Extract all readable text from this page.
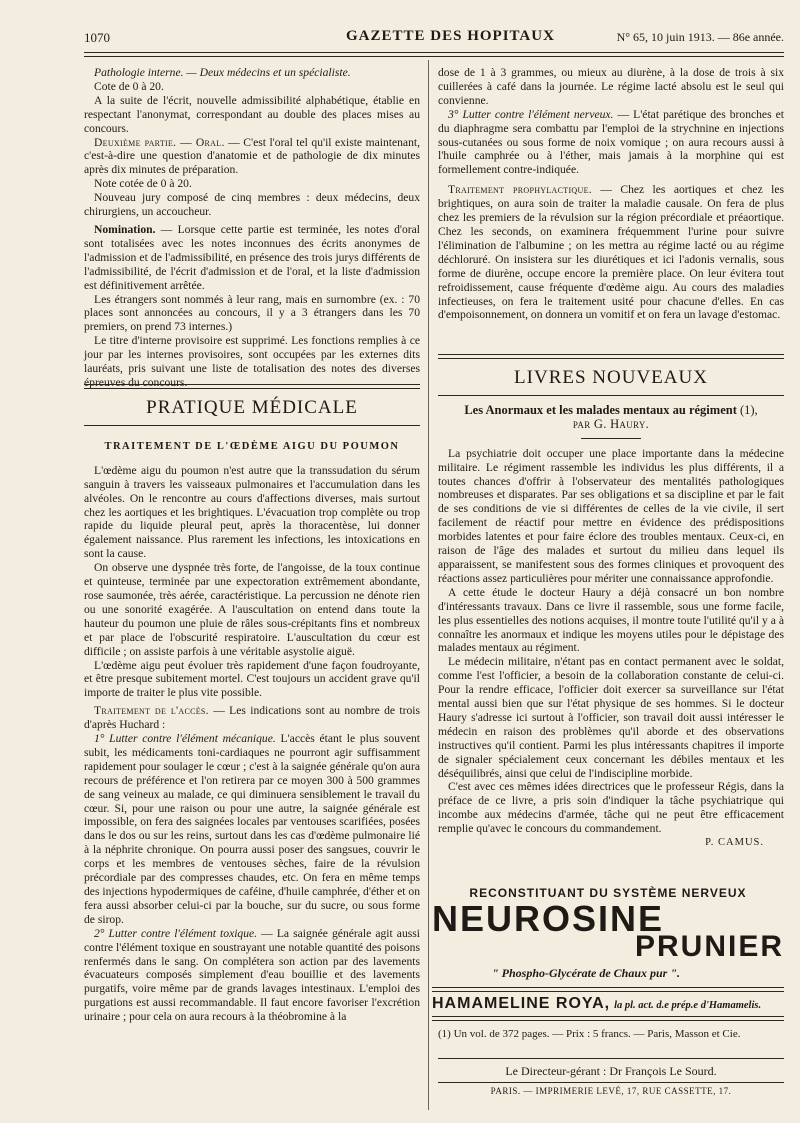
1070	GAZETTE DES HOPITAUX	N° 65, 10 juin 1913. — 86e année.

Pathologie interne. — Deux médecins et un spécialiste.

Cote de 0 à 20.

A la suite de l'écrit, nouvelle admissibilité alphabétique, établie en respectant l'anonymat, correspondant au double des places mises au concours.

Deuxième partie. — Oral. — C'est l'oral tel qu'il existe maintenant, c'est-à-dire une question d'anatomie et de pathologie de dix minutes après dix minutes de préparation.

Note cotée de 0 à 20.

Nouveau jury composé de cinq membres : deux médecins, deux chirurgiens, un accoucheur.

Nomination. — Lorsque cette partie est terminée, les notes d'oral sont totalisées avec les notes inconnues des écrits anonymes de l'admission et de l'admissibilité, en présence des trois jurys différents de l'admissibilité, de l'écrit d'admission et de l'oral, et la liste d'admission est définitivement arrêtée.

Les étrangers sont nommés à leur rang, mais en surnombre (ex. : 70 places sont annoncées au concours, il y a 3 étrangers dans les 70 premiers, on prend 73 internes.)

Le titre d'interne provisoire est supprimé. Les fonctions remplies à ce jour par les internes provisoires, sont occupées par les externes dits lauréats, pris suivant une liste de totalisation des notes des diverses épreuves du concours.

PRATIQUE MÉDICALE

TRAITEMENT DE L'ŒDÈME AIGU DU POUMON

L'œdème aigu du poumon n'est autre que la transsudation du sérum sanguin à travers les vaisseaux pulmonaires et l'accumulation dans les alvéoles. On le rencontre au cours d'affections diverses, mais surtout chez les aortiques et les brightiques. L'évacuation trop complète ou trop rapide du liquide pleural peut, après la thoracentèse, lui donner également naissance. Plus rarement les infections, les intoxications en sont la cause.

On observe une dyspnée très forte, de l'angoisse, de la toux continue et quinteuse, terminée par une expectoration extrêmement abondante, rose saumonée, très aérée, caractéristique. La percussion ne dénote rien ou une sonorité exagérée. A l'auscultation on entend dans toute la hauteur du poumon une pluie de râles sous-crépitants fins et nombreux et par place de l'obscurité respiratoire. L'auscultation du cœur est difficile ; on assiste parfois à une véritable asystolie aiguë.

L'œdème aigu peut évoluer très rapidement d'une façon foudroyante, et être presque subitement mortel. C'est toujours un accident grave qu'il importe de traiter le plus vite possible.

Traitement de l'accès. — Les indications sont au nombre de trois d'après Huchard :

1° Lutter contre l'élément mécanique. L'accès étant le plus souvent subit, les médicaments toni-cardiaques ne pourront agir suffisamment rapidement pour soulager le cœur ; c'est à la saignée générale qu'on aura recours de préférence et l'on retirera par ce moyen 300 à 500 grammes de sang veineux au malade, ce qui diminuera sensiblement le travail du cœur. Si, pour une raison ou pour une autre, la saignée générale est impossible, on fera des saignées locales par ventouses scarifiées, posées dans le dos ou sur les reins, surtout dans les cas d'œdème pulmonaire lié à la néphrite chronique. On pourra aussi poser des sangsues, couvrir le corps et les membres de ventouses sèches, faire de la révulsion précordiale par des compresses chaudes, etc. On fera en même temps des injections hypodermiques de caféine, d'huile camphrée, d'éther et on fera aussi absorber celui-ci par la bouche, sur du sucre, ou sous forme de sirop.

2° Lutter contre l'élément toxique. — La saignée générale agit aussi contre l'élément toxique en soustrayant une notable quantité des poisons renfermés dans le sang. On complétera son action par des lavements évacuateurs composés simplement d'eau bouillie et des lavements purgatifs, voire même par de grands lavages intestinaux. L'emploi des purgations est aussi recommandable. Il faut encore favoriser l'excrétion urinaire ; pour cela on aura recours à la théobromine à la

dose de 1 à 3 grammes, ou mieux au diurène, à la dose de trois à six cuillerées à café dans la journée. Le régime lacté absolu est le seul qui convienne.

3° Lutter contre l'élément nerveux. — L'état parétique des bronches et du diaphragme sera combattu par l'emploi de la strychnine en injections sous-cutanées ou sous forme de noix vomique ; on aura recours aussi à l'huile camphrée ou à l'éther, mais jamais à la morphine qui est formellement contre-indiquée.

Traitement prophylactique. — Chez les aortiques et chez les brightiques, on aura soin de traiter la maladie causale. On fera de plus chez les premiers de la révulsion sur la région précordiale et préaortique. Chez les seconds, on examinera fréquemment l'urine pour suivre l'élimination de l'albumine ; on les mettra au régime lacté ou au régime déchloruré. On insistera sur les diurétiques et ici l'adonis vernalis, sous forme de diurène, occupe encore la première place. On leur évitera tout refroidissement, cause fréquente d'œdème aigu. Au cours des maladies infectieuses, on fera le traitement usité pour chacune d'elles. En cas d'empoisonnement, on donnera un vomitif et on fera un lavage d'estomac.

LIVRES NOUVEAUX

Les Anormaux et les malades mentaux au régiment (1),

par G. Haury.

La psychiatrie doit occuper une place importante dans la médecine militaire. Le régiment rassemble les individus les plus différents, il a toutes chances d'offrir à l'observateur des mentalités pathologiques nombreuses et disparates. Par ses obligations et sa discipline et par le fait de ses conditions de vie si différentes de celles de la vie civile, il sert facilement de réactif pour mettre en évidence des prédispositions morbides latentes et pour faire éclore des troubles mentaux. Ceux-ci, en raison de l'âge des malades et surtout du milieu dans lequel ils apparaissent, se manifestent sous des formes cliniques et provoquent des réactions assez particulières pour mériter une connaissance approfondie.

A cette étude le docteur Haury a déjà consacré un bon nombre d'intéressants travaux. Dans ce livre il rassemble, sous une forme facile, les plus essentielles des notions acquises, il montre toute l'utilité qu'il y a à connaître les anormaux et indique les moyens utiles pour le dépistage des malades mentaux au régiment.

Le médecin militaire, n'étant pas en contact permanent avec le soldat, comme l'est l'officier, a besoin de la collaboration constante de celui-ci. Pour la rendre efficace, l'officier doit exercer sa surveillance sur l'état mental aussi bien que sur l'état physique de ses hommes. Si le docteur Haury s'adresse ici surtout à l'officier, son travail doit aussi intéresser le médecin en raison des problèmes qu'il aborde et des observations instructives qu'il contient. Parmi les plus intéressants chapitres il importe de signaler spécialement ceux concernant les débiles mentaux et les déséquilibrés, ainsi que celui de l'indiscipline morbide.

C'est avec ces mêmes idées directrices que le professeur Régis, dans la préface de ce livre, a pris soin d'indiquer la tâche psychiatrique qui incombe aux médecins d'armée, tâche qui ne peut être efficacement remplie qu'avec le concours du commandement.

P. CAMUS.

RECONSTITUANT DU SYSTÈME NERVEUX
NEUROSINE
PRUNIER
" Phospho-Glycérate de Chaux pur ".
HAMAMELINE ROYA, la pl. act. d.e prép.e d'Hamamelis.

(1) Un vol. de 372 pages. — Prix : 5 francs. — Paris, Masson et Cie.

Le Directeur-gérant : Dr François Le Sourd.
PARIS. — IMPRIMERIE LEVÉ, 17, RUE CASSETTE, 17.
